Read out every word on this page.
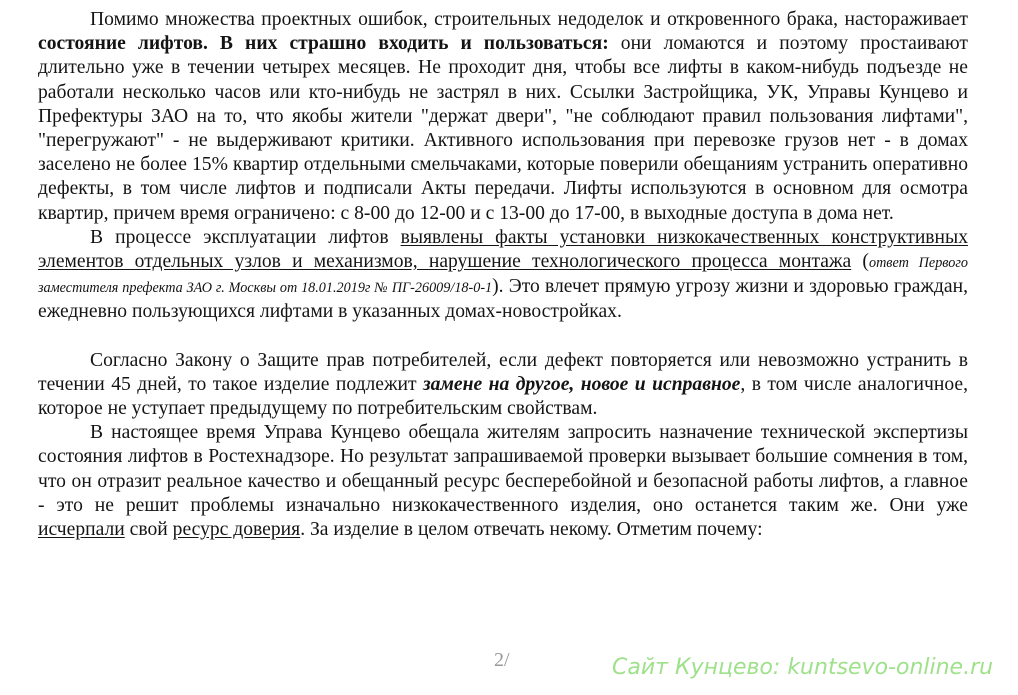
Помимо множества проектных ошибок, строительных недоделок и откровенного брака, настораживает состояние лифтов. В них страшно входить и пользоваться: они ломаются и поэтому простаивают длительно уже в течении четырех месяцев. Не проходит дня, чтобы все лифты в каком-нибудь подъезде не работали несколько часов или кто-нибудь не застрял в них. Ссылки Застройщика, УК, Управы Кунцево и Префектуры ЗАО на то, что якобы жители "держат двери", "не соблюдают правил пользования лифтами", "перегружают" - не выдерживают критики. Активного использования при перевозке грузов нет - в домах заселено не более 15% квартир отдельными смельчаками, которые поверили обещаниям устранить оперативно дефекты, в том числе лифтов и подписали Акты передачи. Лифты используются в основном для осмотра квартир, причем время ограничено: с 8-00 до 12-00 и с 13-00 до 17-00, в выходные доступа в дома нет.

В процессе эксплуатации лифтов выявлены факты установки низкокачественных конструктивных элементов отдельных узлов и механизмов, нарушение технологического процесса монтажа (ответ Первого заместителя префекта ЗАО г. Москвы от 18.01.2019г № ПГ-26009/18-0-1). Это влечет прямую угрозу жизни и здоровью граждан, ежедневно пользующихся лифтами в указанных домах-новостройках.

Согласно Закону о Защите прав потребителей, если дефект повторяется или невозможно устранить в течении 45 дней, то такое изделие подлежит замене на другое, новое и исправное, в том числе аналогичное, которое не уступает предыдущему по потребительским свойствам.

В настоящее время Управа Кунцево обещала жителям запросить назначение технической экспертизы состояния лифтов в Ростехнадзоре. Но результат запрашиваемой проверки вызывает большие сомнения в том, что он отразит реальное качество и обещанный ресурс бесперебойной и безопасной работы лифтов, а главное - это не решит проблемы изначально низкокачественного изделия, оно останется таким же. Они уже исчерпали свой ресурс доверия. За изделие в целом отвечать некому. Отметим почему:

2/	Сайт Кунцево: kuntsevo-online.ru
